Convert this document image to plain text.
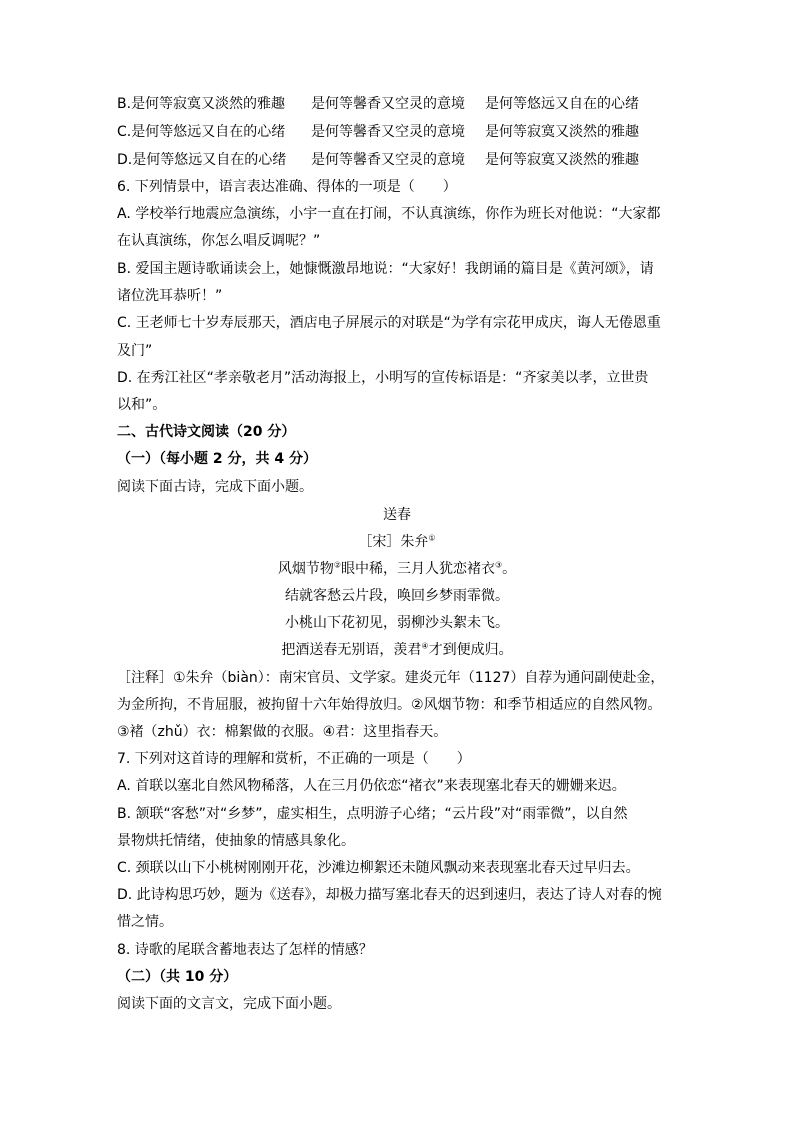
B.是何等寂寞又淡然的雅趣 是何等馨香又空灵的意境 是何等悠远又自在的心绪
C.是何等悠远又自在的心绪 是何等馨香又空灵的意境 是何等寂寞又淡然的雅趣
D.是何等悠远又自在的心绪 是何等馨香又空灵的意境 是何等寂寞又淡然的雅趣
6. 下列情景中，语言表达准确、得体的一项是（　　）
A. 学校举行地震应急演练，小宇一直在打闹，不认真演练，你作为班长对他说：“大家都
在认真演练，你怎么唱反调呢？”
B. 爱国主题诗歌诵读会上，她慷慨激昂地说：“大家好！我朗诵的篇目是《黄河颂》，请
诸位洗耳恭听！”
C. 王老师七十岁寿辰那天，酒店电子屏展示的对联是“为学有宗花甲成庆，诲人无倦恩重
及门”
D. 在秀江社区“孝亲敬老月”活动海报上，小明写的宣传标语是：“齐家美以孝，立世贵
以和”。
二、古代诗文阅读（20 分）
（一）（每小题 2 分，共 4 分）
阅读下面古诗，完成下面小题。
送春
［宋］朱弁①
风烟节物②眼中稀，三月人犹恋褚衣③。
结就客愁云片段，唤回乡梦雨霏微。
小桃山下花初见，弱柳沙头絮未飞。
把酒送春无别语，羡君④才到便成归。
［注释］①朱弁（biàn）：南宋官员、文学家。建炎元年（1127）自荐为通问副使赴金，
为金所拘，不肯屈服，被拘留十六年始得放归。②风烟节物：和季节相适应的自然风物。
③褚（zhǔ）衣：棉絮做的衣服。④君：这里指春天。
7. 下列对这首诗的理解和赏析，不正确的一项是（　　）
A. 首联以塞北自然风物稀落，人在三月仍依恋“褚衣”来表现塞北春天的姗姗来迟。
B. 颔联“客愁”对“乡梦”，虚实相生，点明游子心绪；“云片段”对“雨霏微”，以自然
景物烘托情绪，使抽象的情感具象化。
C. 颈联以山下小桃树刚刚开花，沙滩边柳絮还未随风飘动来表现塞北春天过早归去。
D. 此诗构思巧妙，题为《送春》，却极力描写塞北春天的迟到速归，表达了诗人对春的惋
惜之情。
8. 诗歌的尾联含蓄地表达了怎样的情感？
（二）（共 10 分）
阅读下面的文言文，完成下面小题。
